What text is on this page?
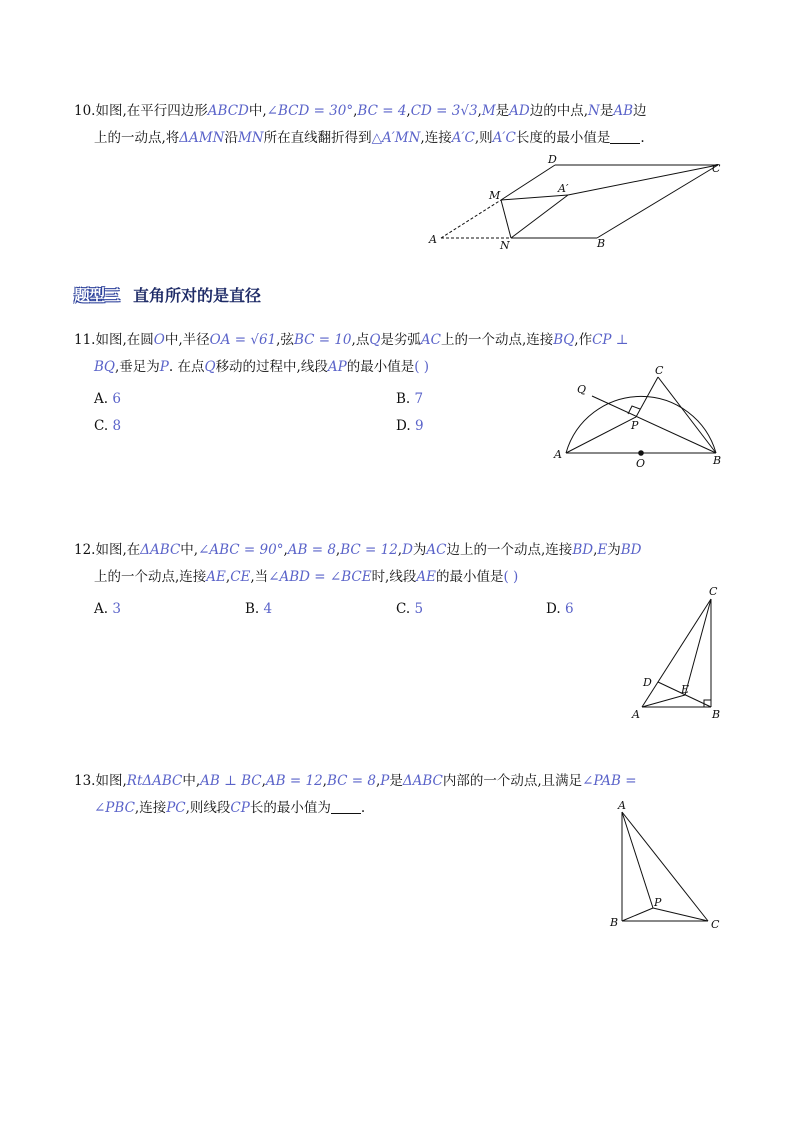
10.如图,在平行四边形ABCD中,∠BCD = 30°,BC = 4,CD = 3√3,M是AD边的中点,N是AB边
上的一动点,将ΔAMN沿MN所在直线翻折得到△A′MN,连接A′C,则A′C长度的最小值是 .
D
C
M
A′
A	N	B
题型三 直角所对的是直径
11.如图,在圆O中,半径OA = √61,弦BC = 10,点Q是劣弧AC上的一个动点,连接BQ,作CP ⊥
BQ,垂足为P. 在点Q移动的过程中,线段AP的最小值是( )
A. 6	B. 7
C. 8	D. 9
Q
C
P
A
O	B
12.如图,在ΔABC中,∠ABC = 90°,AB = 8,BC = 12,D为AC边上的一个动点,连接BD,E为BD
上的一个动点,连接AE,CE,当∠ABD = ∠BCE时,线段AE的最小值是( )
A. 3	B. 4	C. 5	D. 6
C
D
E
A	B
13.如图,RtΔABC中,AB ⊥ BC,AB = 12,BC = 8,P是ΔABC内部的一个动点,且满足∠PAB =
∠PBC,连接PC,则线段CP长的最小值为 .	A
B
P
C
